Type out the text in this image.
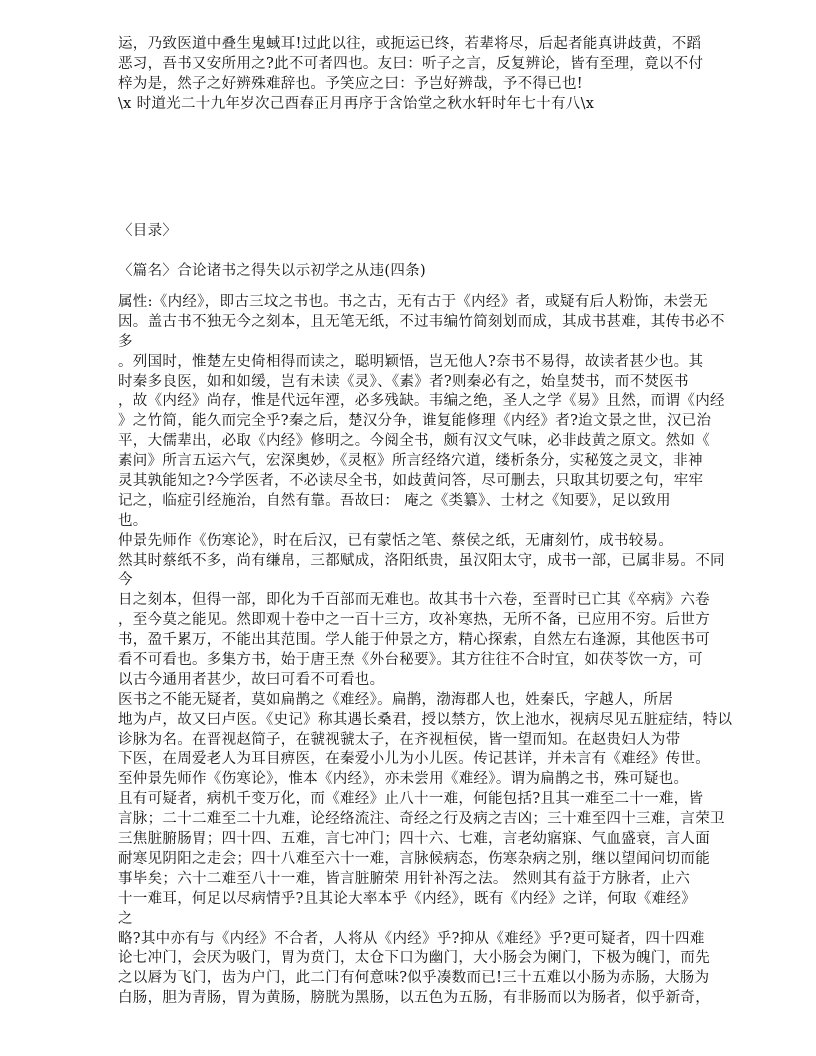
运，乃致医道中叠生鬼蜮耳!过此以往，或扼运已终，若辈将尽，后起者能真讲歧黄，不蹈
恶习，吾书又安所用之?此不可者四也。友曰：听子之言，反复辨论，皆有至理，竟以不付
梓为是，然子之好辨殊难辞也。予笑应之曰：予岂好辨哉，予不得已也!
\x 时道光二十九年岁次己酉春正月再序于含饴堂之秋水轩时年七十有八\x
〈目录〉
〈篇名〉合论诸书之得失以示初学之从违(四条)
属性:《内经》，即古三坟之书也。书之古，无有古于《内经》者，或疑有后人粉饰，未尝无
因。盖古书不独无今之刻本，且无笔无纸，不过韦编竹简刻划而成，其成书甚难，其传书必不
多
。列国时，惟楚左史倚相得而读之，聪明颖悟，岂无他人?奈书不易得，故读者甚少也。其
时秦多良医，如和如缓，岂有未读《灵》、《素》者?则秦必有之，始皇焚书，而不焚医书
，故《内经》尚存，惟是代远年湮，必多残缺。韦编之绝，圣人之学《易》且然，而谓《内经
》之竹简，能久而完全乎?秦之后，楚汉分争，谁复能修理《内经》者?迨文景之世，汉已治
平，大儒辈出，必取《内经》修明之。今阅全书，颇有汉文气味，必非歧黄之原文。然如《
素问》所言五运六气，宏深奥妙，《灵枢》所言经络穴道，缕析条分，实秘笈之灵文，非神
灵其孰能知之?今学医者，不必读尽全书，如歧黄问答，尽可删去，只取其切要之句，牢牢
记之，临症引经施治，自然有靠。吾故曰： 庵之《类纂》、士材之《知要》，足以致用
也。
仲景先师作《伤寒论》，时在后汉，已有蒙恬之笔、蔡侯之纸，无庸刻竹，成书较易。
然其时蔡纸不多，尚有缣帛，三都赋成，洛阳纸贵，虽汉阳太守，成书一部，已属非易。不同
今
日之刻本，但得一部，即化为千百部而无难也。故其书十六卷，至晋时已亡其《卒病》六卷
，至今莫之能见。然即观十卷中之一百十三方，攻补寒热，无所不备，已应用不穷。后世方
书，盈千累万，不能出其范围。学人能于仲景之方，精心探索，自然左右逢源，其他医书可
看不可看也。多集方书，始于唐王焘《外台秘要》。其方往往不合时宜，如茯苓饮一方，可
以古今通用者甚少，故曰可看不可看也。
医书之不能无疑者，莫如扁鹊之《难经》。扁鹊，渤海郡人也，姓秦氏，字越人，所居
地为卢，故又曰卢医。《史记》称其遇长桑君，授以禁方，饮上池水，视病尽见五脏症结，特以
诊脉为名。在晋视赵简子，在虢视虢太子，在齐视桓侯，皆一望而知。在赵贵妇人为带
下医，在周爱老人为耳目痹医，在秦爱小儿为小儿医。传记甚详，并未言有《难经》传世。
至仲景先师作《伤寒论》，惟本《内经》，亦未尝用《难经》。谓为扁鹊之书，殊可疑也。
且有可疑者，病机千变万化，而《难经》止八十一难，何能包括?且其一难至二十一难，皆
言脉；二十二难至二十九难，论经络流注、奇经之行及病之吉凶；三十难至四十三难，言荣卫
三焦脏腑肠胃；四十四、五难，言七冲门；四十六、七难，言老幼寤寐、气血盛衰，言人面
耐寒见阴阳之走会；四十八难至六十一难，言脉候病态，伤寒杂病之别，继以望闻问切而能
事毕矣；六十二难至八十一难，皆言脏腑荣 用针补泻之法。 然则其有益于方脉者，止六
十一难耳，何足以尽病情乎?且其论大率本乎《内经》，既有《内经》之详，何取《难经》
之
略?其中亦有与《内经》不合者，人将从《内经》乎?抑从《难经》乎?更可疑者，四十四难
论七冲门，会厌为吸门，胃为贲门，太仓下口为幽门，大小肠会为阑门，下极为魄门，而先
之以唇为飞门，齿为户门，此二门有何意味?似乎凑数而已!三十五难以小肠为赤肠，大肠为
白肠，胆为青肠，胃为黄肠，膀胱为黑肠，以五色为五肠，有非肠而以为肠者，似乎新奇，
